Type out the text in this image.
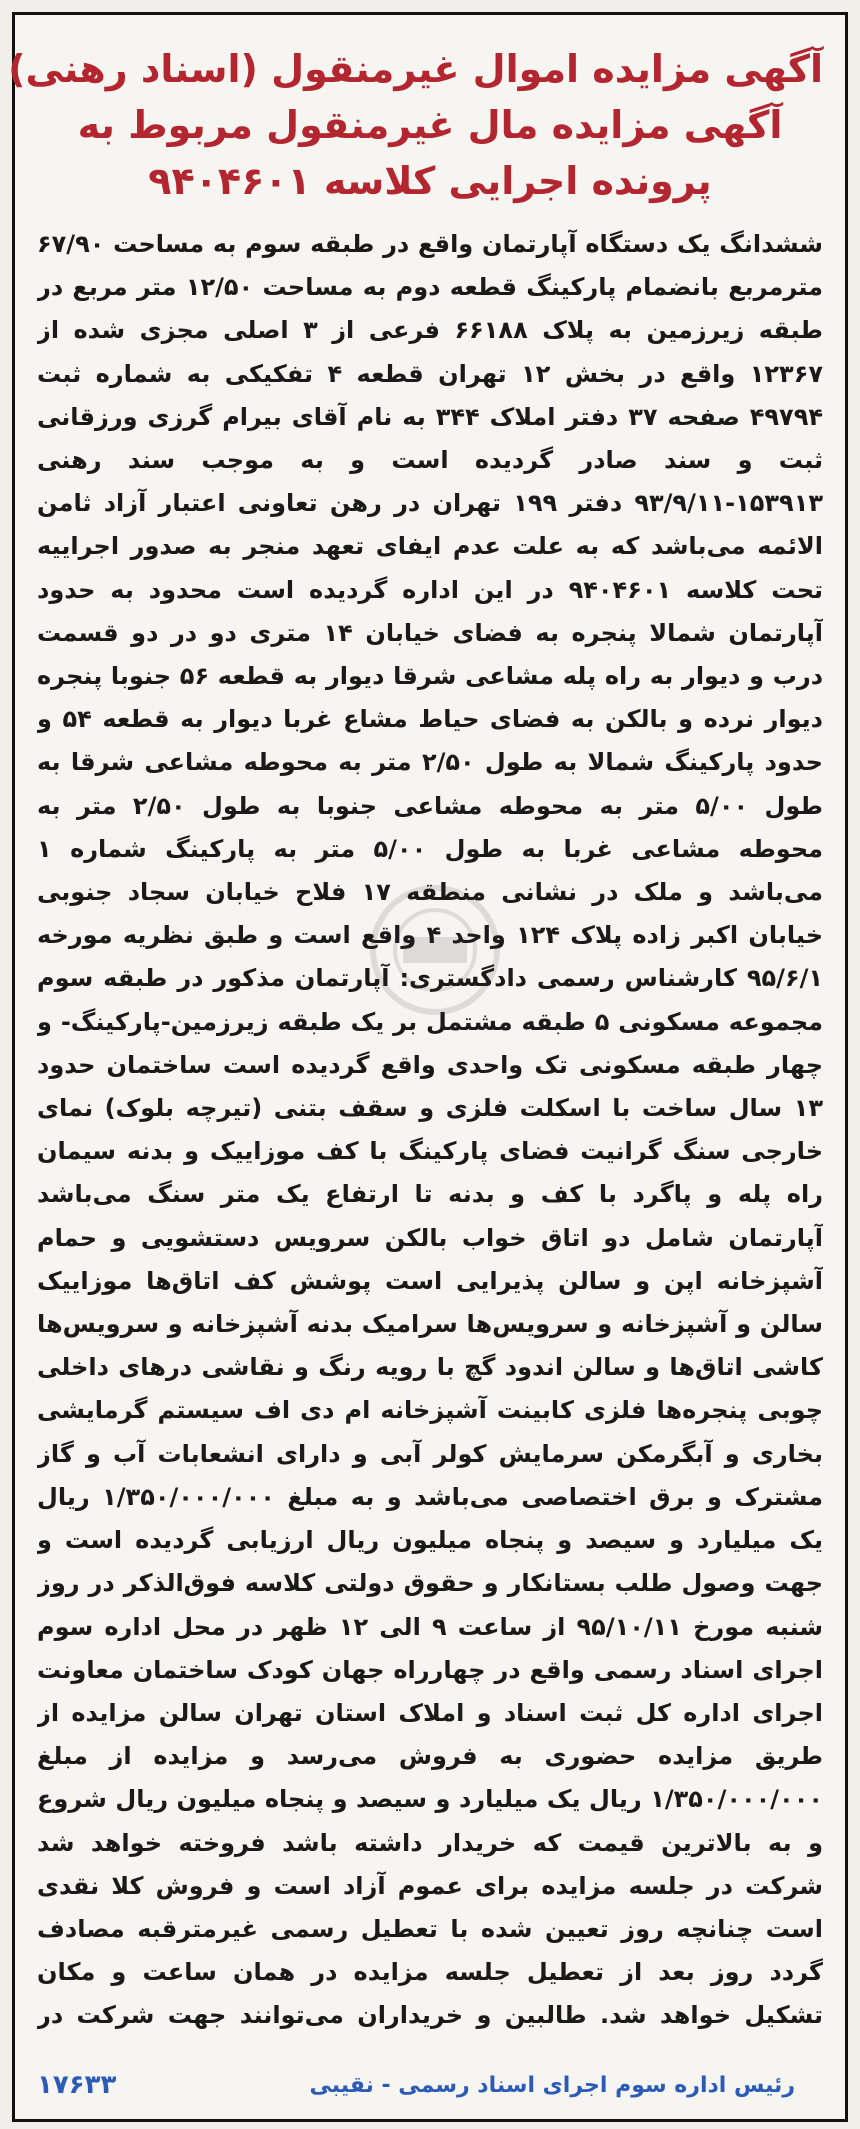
آگهی مزایده اموال غیرمنقول (اسناد رهنی)
آگهی مزایده مال غیرمنقول مربوط به
پرونده اجرایی کلاسه ۹۴۰۴۶۰۱

ششدانگ یک دستگاه آپارتمان واقع در طبقه سوم به مساحت ۶۷/۹۰ مترمربع بانضمام پارکینگ قطعه دوم به مساحت ۱۲/۵۰ متر مربع در طبقه زیرزمین به پلاک ۶۶۱۸۸ فرعی از ۳ اصلی مجزی شده از ۱۲۳۶۷ واقع در بخش ۱۲ تهران قطعه ۴ تفکیکی به شماره ثبت ۴۹۷۹۴ صفحه ۳۷ دفتر املاک ۳۴۴ به نام آقای بیرام گرزی ورزقانی ثبت و سند صادر گردیده است و به موجب سند رهنی ۱۵۳۹۱۳-۹۳/۹/۱۱ دفتر ۱۹۹ تهران در رهن تعاونی اعتبار آزاد ثامن الائمه می‌باشد که به علت عدم ایفای تعهد منجر به صدور اجراییه تحت کلاسه ۹۴۰۴۶۰۱ در این اداره گردیده است محدود به حدود آپارتمان شمالا پنجره به فضای خیابان ۱۴ متری دو در دو قسمت درب و دیوار به راه پله مشاعی شرقا دیوار به قطعه ۵۶ جنوبا پنجره دیوار نرده و بالکن به فضای حیاط مشاع غربا دیوار به قطعه ۵۴ و حدود پارکینگ شمالا به طول ۲/۵۰ متر به محوطه مشاعی شرقا به طول ۵/۰۰ متر به محوطه مشاعی جنوبا به طول ۲/۵۰ متر به محوطه مشاعی غربا به طول ۵/۰۰ متر به پارکینگ شماره ۱ می‌باشد و ملک در نشانی منطقه ۱۷ فلاح خیابان سجاد جنوبی خیابان اکبر زاده پلاک ۱۲۴ واحد ۴ واقع است و طبق نظریه مورخه ۹۵/۶/۱ کارشناس رسمی دادگستری: آپارتمان مذکور در طبقه سوم مجموعه مسکونی ۵ طبقه مشتمل بر یک طبقه زیرزمین-پارکینگ- و چهار طبقه مسکونی تک واحدی واقع گردیده است ساختمان حدود ۱۳ سال ساخت با اسکلت فلزی و سقف بتنی (تیرچه بلوک) نمای خارجی سنگ گرانیت فضای پارکینگ با کف موزاییک و بدنه سیمان راه پله و پاگرد با کف و بدنه تا ارتفاع یک متر سنگ می‌باشد آپارتمان شامل دو اتاق خواب بالکن سرویس دستشویی و حمام آشپزخانه اپن و سالن پذیرایی است پوشش کف اتاق‌ها موزاییک سالن و آشپزخانه و سرویس‌ها سرامیک بدنه آشپزخانه و سرویس‌ها کاشی اتاق‌ها و سالن اندود گچ با رویه رنگ و نقاشی درهای داخلی چوبی پنجره‌ها فلزی کابینت آشپزخانه ام دی اف سیستم گرمایشی بخاری و آبگرمکن سرمایش کولر آبی و دارای انشعابات آب و گاز مشترک و برق اختصاصی می‌باشد و به مبلغ ۱/۳۵۰/۰۰۰/۰۰۰ ریال یک میلیارد و سیصد و پنجاه میلیون ریال ارزیابی گردیده است و جهت وصول طلب بستانکار و حقوق دولتی کلاسه فوق‌الذکر در روز شنبه مورخ ۹۵/۱۰/۱۱ از ساعت ۹ الی ۱۲ ظهر در محل اداره سوم اجرای اسناد رسمی واقع در چهارراه جهان کودک ساختمان معاونت اجرای اداره کل ثبت اسناد و املاک استان تهران سالن مزایده از طریق مزایده حضوری به فروش می‌رسد و مزایده از مبلغ ۱/۳۵۰/۰۰۰/۰۰۰ ریال یک میلیارد و سیصد و پنجاه میلیون ریال شروع و به بالاترین قیمت که خریدار داشته باشد فروخته خواهد شد شرکت در جلسه مزایده برای عموم آزاد است و فروش کلا نقدی است چنانچه روز تعیین شده با تعطیل رسمی غیرمترقبه مصادف گردد روز بعد از تعطیل جلسه مزایده در همان ساعت و مکان تشکیل خواهد شد. طالبین و خریداران می‌توانند جهت شرکت در

رئیس اداره سوم اجرای اسناد رسمی - نقیبی
۱۷۶۳۳
